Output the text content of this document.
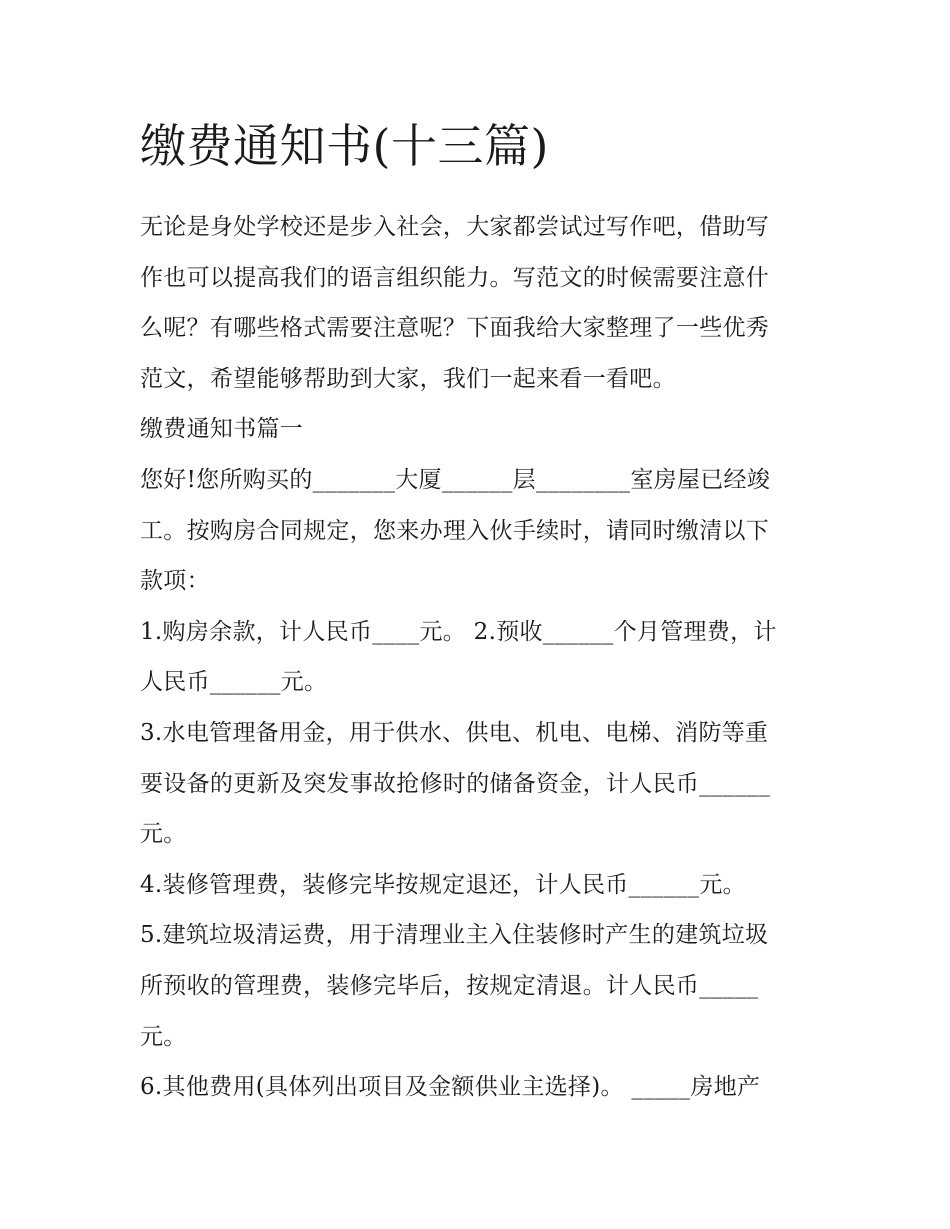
缴费通知书(十三篇)
无论是身处学校还是步入社会，大家都尝试过写作吧，借助写
作也可以提高我们的语言组织能力。写范文的时候需要注意什
么呢？有哪些格式需要注意呢？下面我给大家整理了一些优秀
范文，希望能够帮助到大家，我们一起来看一看吧。
缴费通知书篇一
您好!您所购买的_______大厦______层________室房屋已经竣
工。按购房合同规定，您来办理入伙手续时，请同时缴清以下
款项：
1.购房余款，计人民币____元。 2.预收______个月管理费，计
人民币______元。
3.水电管理备用金，用于供水、供电、机电、电梯、消防等重
要设备的更新及突发事故抢修时的储备资金，计人民币______
元。
4.装修管理费，装修完毕按规定退还，计人民币______元。
5.建筑垃圾清运费，用于清理业主入住装修时产生的建筑垃圾
所预收的管理费，装修完毕后，按规定清退。计人民币_____
元。
6.其他费用(具体列出项目及金额供业主选择)。 _____房地产
